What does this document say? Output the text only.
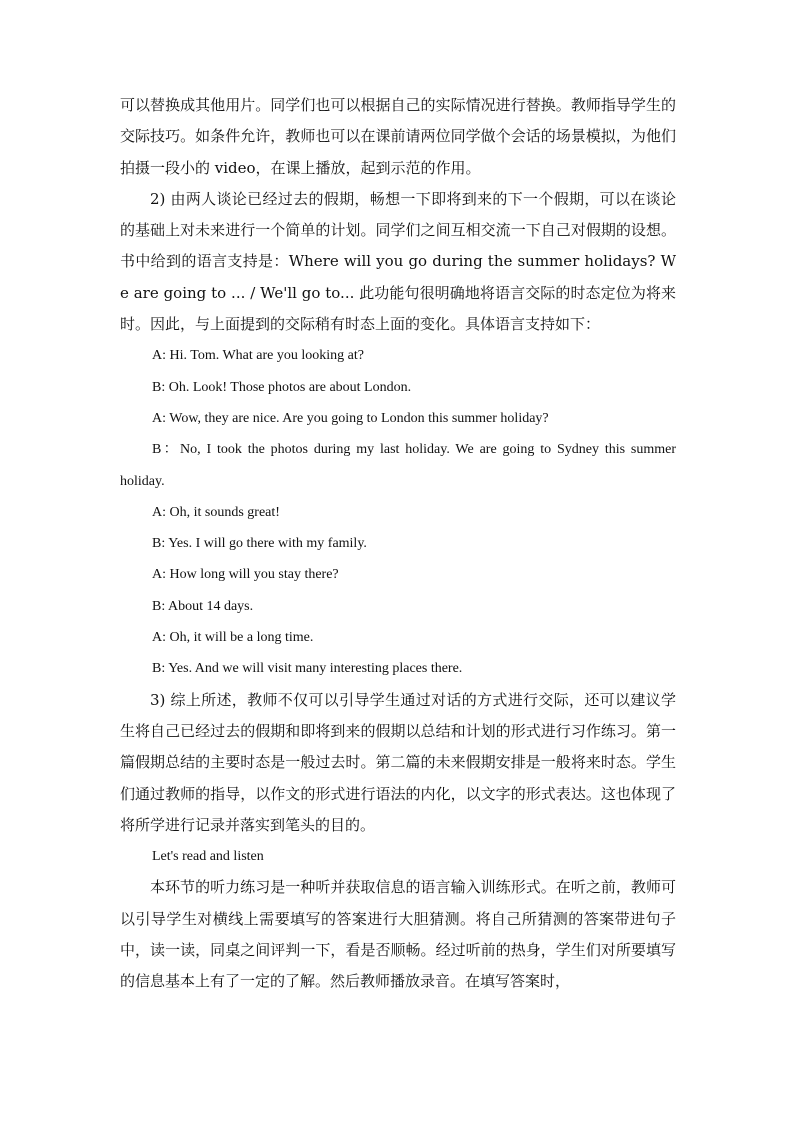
可以替换成其他用片。同学们也可以根据自己的实际情况进行替换。教师指导学生的交际技巧。如条件允许，教师也可以在课前请两位同学做个会话的场景模拟，为他们拍摄一段小的 video，在课上播放，起到示范的作用。

2) 由两人谈论已经过去的假期，畅想一下即将到来的下一个假期，可以在谈论的基础上对未来进行一个简单的计划。同学们之间互相交流一下自己对假期的设想。书中给到的语言支持是：Where will you go during the summer holidays? We are going to ... / We'll go to... 此功能句很明确地将语言交际的时态定位为将来时。因此，与上面提到的交际稍有时态上面的变化。具体语言支持如下：

A: Hi. Tom. What are you looking at?

B: Oh. Look! Those photos are about London.

A: Wow, they are nice. Are you going to London this summer holiday?

B：No, I took the photos during my last holiday. We are going to Sydney this summer holiday.

A: Oh, it sounds great!

B: Yes. I will go there with my family.

A: How long will you stay there?

B: About 14 days.

A: Oh, it will be a long time.

B: Yes. And we will visit many interesting places there.

3) 综上所述，教师不仅可以引导学生通过对话的方式进行交际，还可以建议学生将自己已经过去的假期和即将到来的假期以总结和计划的形式进行习作练习。第一篇假期总结的主要时态是一般过去时。第二篇的未来假期安排是一般将来时态。学生们通过教师的指导，以作文的形式进行语法的内化，以文字的形式表达。这也体现了将所学进行记录并落实到笔头的目的。

Let's read and listen

本环节的听力练习是一种听并获取信息的语言输入训练形式。在听之前，教师可以引导学生对横线上需要填写的答案进行大胆猜测。将自己所猜测的答案带进句子中，读一读，同桌之间评判一下，看是否顺畅。经过听前的热身，学生们对所要填写的信息基本上有了一定的了解。然后教师播放录音。在填写答案时，
